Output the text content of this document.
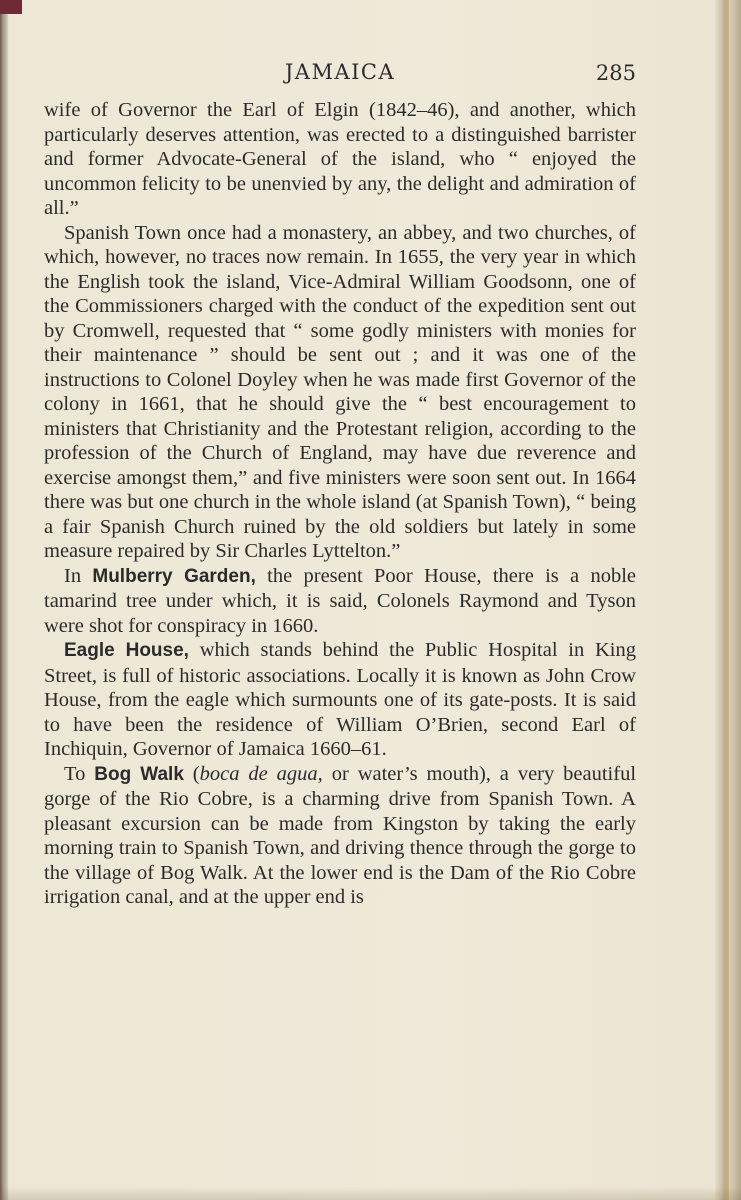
JAMAICA	285

wife of Governor the Earl of Elgin (1842–46), and another, which particularly deserves attention, was erected to a distinguished barrister and former Advocate-General of the island, who “ enjoyed the uncommon felicity to be unenvied by any, the delight and admiration of all.”

Spanish Town once had a monastery, an abbey, and two churches, of which, however, no traces now remain. In 1655, the very year in which the English took the island, Vice-Admiral William Goodsonn, one of the Commissioners charged with the conduct of the expedition sent out by Cromwell, requested that “ some godly ministers with monies for their maintenance ” should be sent out ; and it was one of the instructions to Colonel Doyley when he was made first Governor of the colony in 1661, that he should give the “ best encouragement to ministers that Christianity and the Protestant religion, according to the profession of the Church of England, may have due reverence and exercise amongst them,” and five ministers were soon sent out. In 1664 there was but one church in the whole island (at Spanish Town), “ being a fair Spanish Church ruined by the old soldiers but lately in some measure repaired by Sir Charles Lyttelton.”

In Mulberry Garden, the present Poor House, there is a noble tamarind tree under which, it is said, Colonels Raymond and Tyson were shot for conspiracy in 1660.

Eagle House, which stands behind the Public Hospital in King Street, is full of historic associations. Locally it is known as John Crow House, from the eagle which surmounts one of its gate-posts. It is said to have been the residence of William O’Brien, second Earl of Inchiquin, Governor of Jamaica 1660–61.

To Bog Walk (boca de agua, or water’s mouth), a very beautiful gorge of the Rio Cobre, is a charming drive from Spanish Town. A pleasant excursion can be made from Kingston by taking the early morning train to Spanish Town, and driving thence through the gorge to the village of Bog Walk. At the lower end is the Dam of the Rio Cobre irrigation canal, and at the upper end is
